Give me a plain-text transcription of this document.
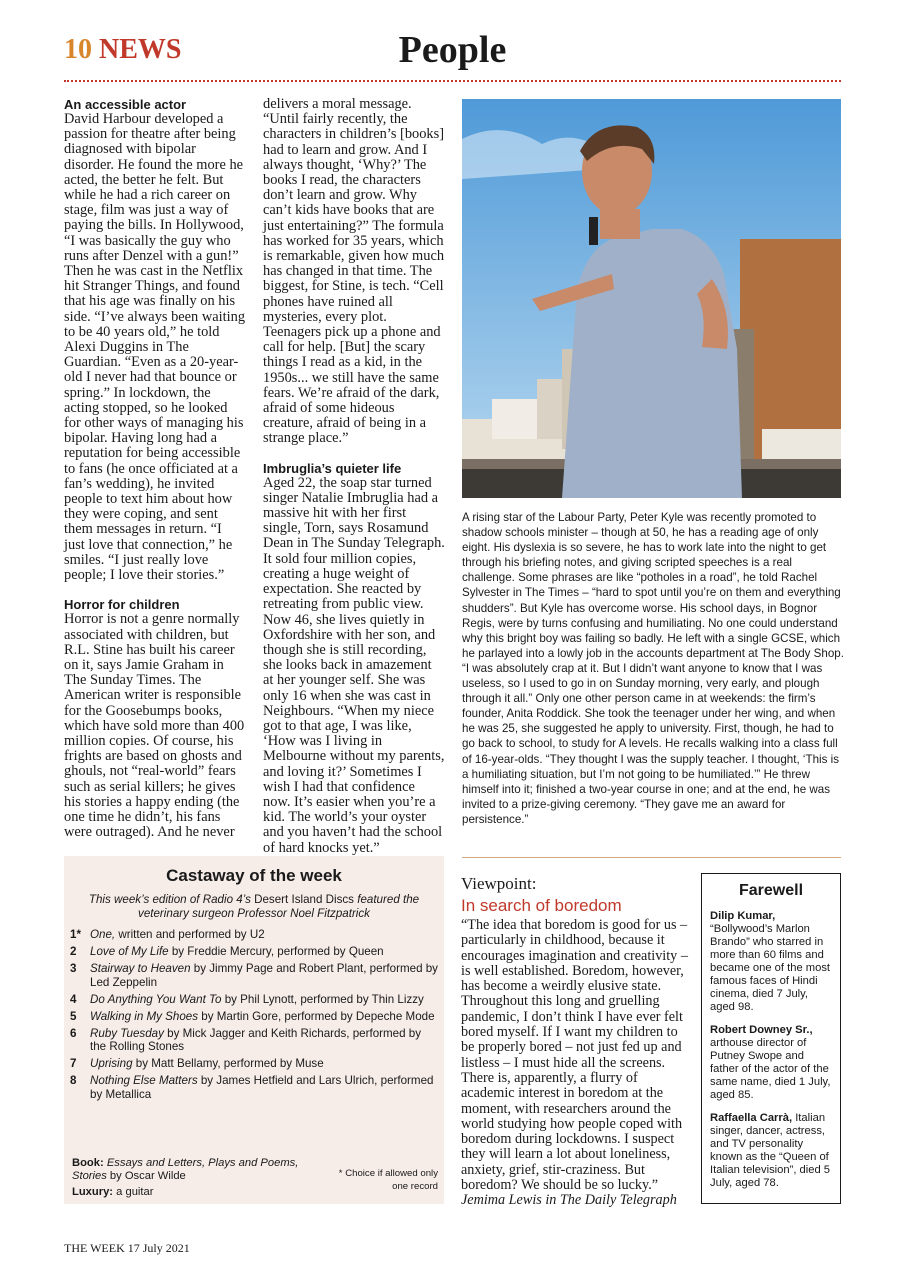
10 NEWS	People
An accessible actor

David Harbour developed a passion for theatre after being diagnosed with bipolar disorder. He found the more he acted, the better he felt. But while he had a rich career on stage, film was just a way of paying the bills. In Hollywood, “I was basically the guy who runs after Denzel with a gun!” Then he was cast in the Netflix hit Stranger Things, and found that his age was finally on his side. “I’ve always been waiting to be 40 years old,” he told Alexi Duggins in The Guardian. “Even as a 20-year-old I never had that bounce or spring.” In lockdown, the acting stopped, so he looked for other ways of managing his bipolar. Having long had a reputation for being accessible to fans (he once officiated at a fan’s wedding), he invited people to text him about how they were coping, and sent them messages in return. “I just love that connection,” he smiles. “I just really love people; I love their stories.”

Horror for children

Horror is not a genre normally associated with children, but R.L. Stine has built his career on it, says Jamie Graham in The Sunday Times. The American writer is responsible for the Goosebumps books, which have sold more than 400 million copies. Of course, his frights are based on ghosts and ghouls, not “real-world” fears such as serial killers; he gives his stories a happy ending (the one time he didn’t, his fans were outraged). And he never

delivers a moral message. “Until fairly recently, the characters in children’s [books] had to learn and grow. And I always thought, ‘Why?’ The books I read, the characters don’t learn and grow. Why can’t kids have books that are just entertaining?” The formula has worked for 35 years, which is remarkable, given how much has changed in that time. The biggest, for Stine, is tech. “Cell phones have ruined all mysteries, every plot. Teenagers pick up a phone and call for help. [But] the scary things I read as a kid, in the 1950s... we still have the same fears. We’re afraid of the dark, afraid of some hideous creature, afraid of being in a strange place.”

Imbruglia’s quieter life

Aged 22, the soap star turned singer Natalie Imbruglia had a massive hit with her first single, Torn, says Rosamund Dean in The Sunday Telegraph. It sold four million copies, creating a huge weight of expectation. She reacted by retreating from public view. Now 46, she lives quietly in Oxfordshire with her son, and though she is still recording, she looks back in amazement at her younger self. She was only 16 when she was cast in Neighbours. “When my niece got to that age, I was like, ‘How was I living in Melbourne without my parents, and loving it?’ Sometimes I wish I had that confidence now. It’s easier when you’re a kid. The world’s your oyster and you haven’t had the school of hard knocks yet.”

A rising star of the Labour Party, Peter Kyle was recently promoted to shadow schools minister – though at 50, he has a reading age of only eight. His dyslexia is so severe, he has to work late into the night to get through his briefing notes, and giving scripted speeches is a real challenge. Some phrases are like “potholes in a road”, he told Rachel Sylvester in The Times – “hard to spot until you’re on them and everything shudders”. But Kyle has overcome worse. His school days, in Bognor Regis, were by turns confusing and humiliating. No one could understand why this bright boy was failing so badly. He left with a single GCSE, which he parlayed into a lowly job in the accounts department at The Body Shop. “I was absolutely crap at it. But I didn’t want anyone to know that I was useless, so I used to go in on Sunday morning, very early, and plough through it all.” Only one other person came in at weekends: the firm’s founder, Anita Roddick. She took the teenager under her wing, and when he was 25, she suggested he apply to university. First, though, he had to go back to school, to study for A levels. He recalls walking into a class full of 16-year-olds. “They thought I was the supply teacher. I thought, ‘This is a humiliating situation, but I’m not going to be humiliated.’” He threw himself into it; finished a two-year course in one; and at the end, he was invited to a prize-giving ceremony. “They gave me an award for persistence.”
Castaway of the week
This week’s edition of Radio 4’s Desert Island Discs featured the veterinary surgeon Professor Noel Fitzpatrick
1* One, written and performed by U2
2	Love of My Life by Freddie Mercury, performed by Queen
3	Stairway to Heaven by Jimmy Page and Robert Plant, performed by Led Zeppelin
4	Do Anything You Want To by Phil Lynott, performed by Thin Lizzy
5	Walking in My Shoes by Martin Gore, performed by Depeche Mode
6	Ruby Tuesday by Mick Jagger and Keith Richards, performed by the Rolling Stones
7	Uprising by Matt Bellamy, performed by Muse
8	Nothing Else Matters by James Hetfield and Lars Ulrich, performed by Metallica
Book: Essays and Letters, Plays and Poems, Stories by Oscar Wilde	* Choice if allowed only one record
Luxury: a guitar
Viewpoint:
In search of boredom
“The idea that boredom is good for us – particularly in childhood, because it encourages imagination and creativity – is well established. Boredom, however, has become a weirdly elusive state. Throughout this long and gruelling pandemic, I don’t think I have ever felt bored myself. If I want my children to be properly bored – not just fed up and listless – I must hide all the screens. There is, apparently, a flurry of academic interest in boredom at the moment, with researchers around the world studying how people coped with boredom during lockdowns. I suspect they will learn a lot about loneliness, anxiety, grief, stir-craziness. But boredom? We should be so lucky.”
Jemima Lewis in The Daily Telegraph
Farewell
Dilip Kumar, “Bollywood’s Marlon Brando” who starred in more than 60 films and became one of the most famous faces of Hindi cinema, died 7 July, aged 98.
Robert Downey Sr., arthouse director of Putney Swope and father of the actor of the same name, died 1 July, aged 85.
Raffaella Carrà, Italian singer, dancer, actress, and TV personality known as the “Queen of Italian television”, died 5 July, aged 78.
THE WEEK 17 July 2021
